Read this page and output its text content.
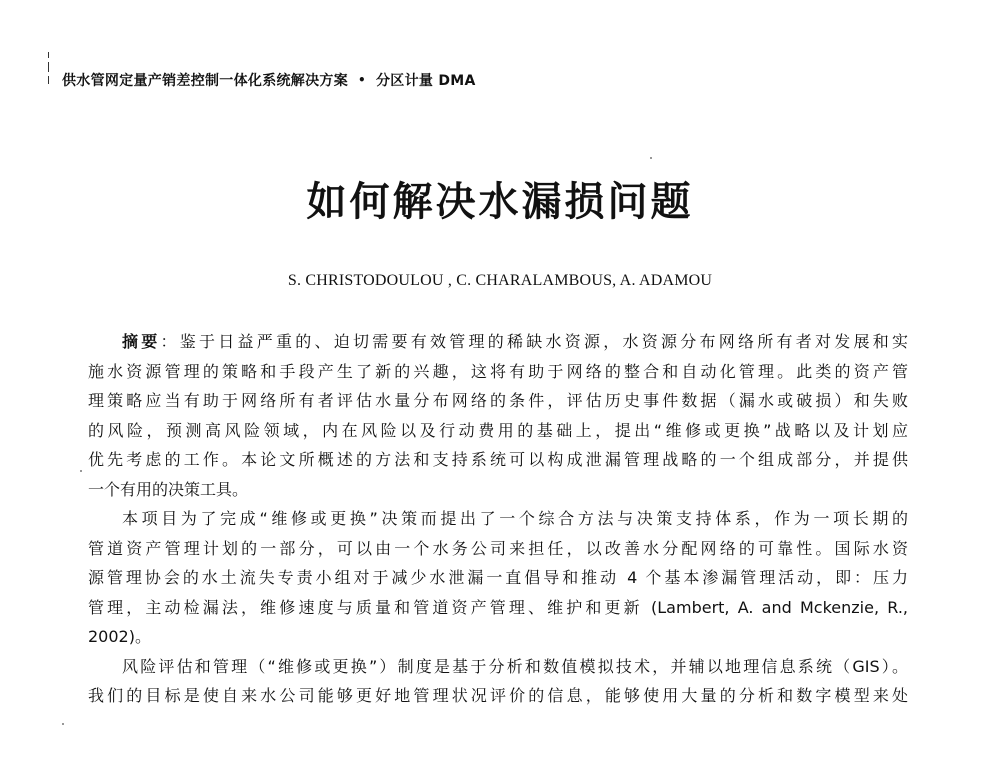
供水管网定量产销差控制一体化系统解决方案 • 分区计量 DMA
如何解决水漏损问题
S. CHRISTODOULOU , C. CHARALAMBOUS, A. ADAMOU
摘要：鉴于日益严重的、迫切需要有效管理的稀缺水资源，水资源分布网络所有者对发展和实
施水资源管理的策略和手段产生了新的兴趣，这将有助于网络的整合和自动化管理。此类的资产管
理策略应当有助于网络所有者评估水量分布网络的条件，评估历史事件数据（漏水或破损）和失败
的风险，预测高风险领域，内在风险以及行动费用的基础上，提出“维修或更换”战略以及计划应
优先考虑的工作。本论文所概述的方法和支持系统可以构成泄漏管理战略的一个组成部分，并提供
一个有用的决策工具。
本项目为了完成“维修或更换”决策而提出了一个综合方法与决策支持体系，作为一项长期的
管道资产管理计划的一部分，可以由一个水务公司来担任，以改善水分配网络的可靠性。国际水资
源管理协会的水土流失专责小组对于减少水泄漏一直倡导和推动 4 个基本渗漏管理活动，即：压力
管理，主动检漏法，维修速度与质量和管道资产管理、维护和更新 (Lambert, A. and Mckenzie, R.,
2002)。
风险评估和管理（“维修或更换”）制度是基于分析和数值模拟技术，并辅以地理信息系统（GIS）。
我们的目标是使自来水公司能够更好地管理状况评价的信息，能够使用大量的分析和数字模型来处
